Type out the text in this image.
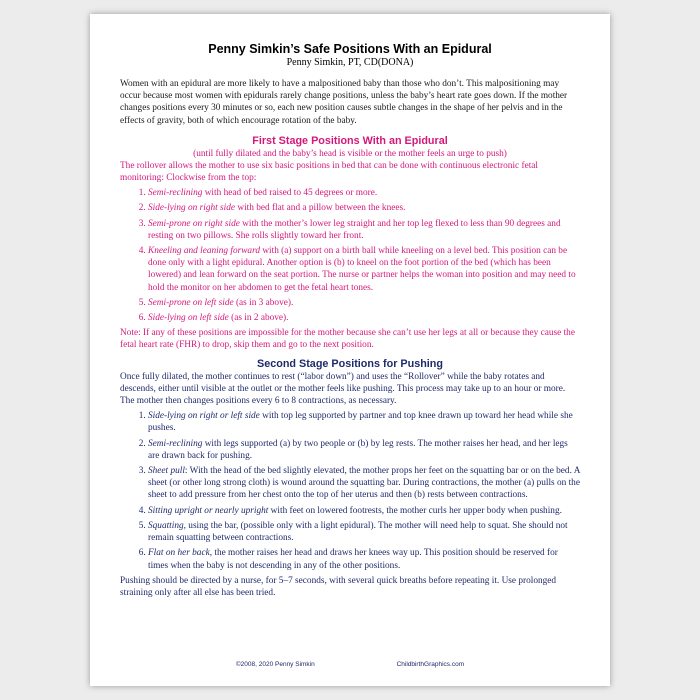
Penny Simkin’s Safe Positions With an Epidural

Penny Simkin, PT, CD(DONA)

Women with an epidural are more likely to have a malpositioned baby than those who don’t. This malpositioning may occur because most women with epidurals rarely change positions, unless the baby’s heart rate goes down. If the mother changes positions every 30 minutes or so, each new position causes subtle changes in the shape of her pelvis and in the effects of gravity, both of which encourage rotation of the baby.

First Stage Positions With an Epidural

(until fully dilated and the baby’s head is visible or the mother feels an urge to push)

The rollover allows the mother to use six basic positions in bed that can be done with continuous electronic fetal monitoring: Clockwise from the top:

1. Semi-reclining with head of bed raised to 45 degrees or more.
2. Side-lying on right side with bed flat and a pillow between the knees.
3. Semi-prone on right side with the mother’s lower leg straight and her top leg flexed to less than 90 degrees and resting on two pillows. She rolls slightly toward her front.
4. Kneeling and leaning forward with (a) support on a birth ball while kneeling on a level bed. This position can be done only with a light epidural. Another option is (b) to kneel on the foot portion of the bed (which has been lowered) and lean forward on the seat portion. The nurse or partner helps the woman into position and may need to hold the monitor on her abdomen to get the fetal heart tones.
5. Semi-prone on left side (as in 3 above).
6. Side-lying on left side (as in 2 above).

Note: If any of these positions are impossible for the mother because she can’t use her legs at all or because they cause the fetal heart rate (FHR) to drop, skip them and go to the next position.

Second Stage Positions for Pushing

Once fully dilated, the mother continues to rest (“labor down”) and uses the “Rollover” while the baby rotates and descends, either until visible at the outlet or the mother feels like pushing. This process may take up to an hour or more. The mother then changes positions every 6 to 8 contractions, as necessary.

1. Side-lying on right or left side with top leg supported by partner and top knee drawn up toward her head while she pushes.
2. Semi-reclining with legs supported (a) by two people or (b) by leg rests. The mother raises her head, and her legs are drawn back for pushing.
3. Sheet pull: With the head of the bed slightly elevated, the mother props her feet on the squatting bar or on the bed. A sheet (or other long strong cloth) is wound around the squatting bar. During contractions, the mother (a) pulls on the sheet to add pressure from her chest onto the top of her uterus and then (b) rests between contractions.
4. Sitting upright or nearly upright with feet on lowered footrests, the mother curls her upper body when pushing.
5. Squatting, using the bar, (possible only with a light epidural). The mother will need help to squat. She should not remain squatting between contractions.
6. Flat on her back, the mother raises her head and draws her knees way up. This position should be reserved for times when the baby is not descending in any of the other positions.

Pushing should be directed by a nurse, for 5–7 seconds, with several quick breaths before repeating it. Use prolonged straining only after all else has been tried.

©2008, 2020 Penny Simkin	ChildbirthGraphics.com
